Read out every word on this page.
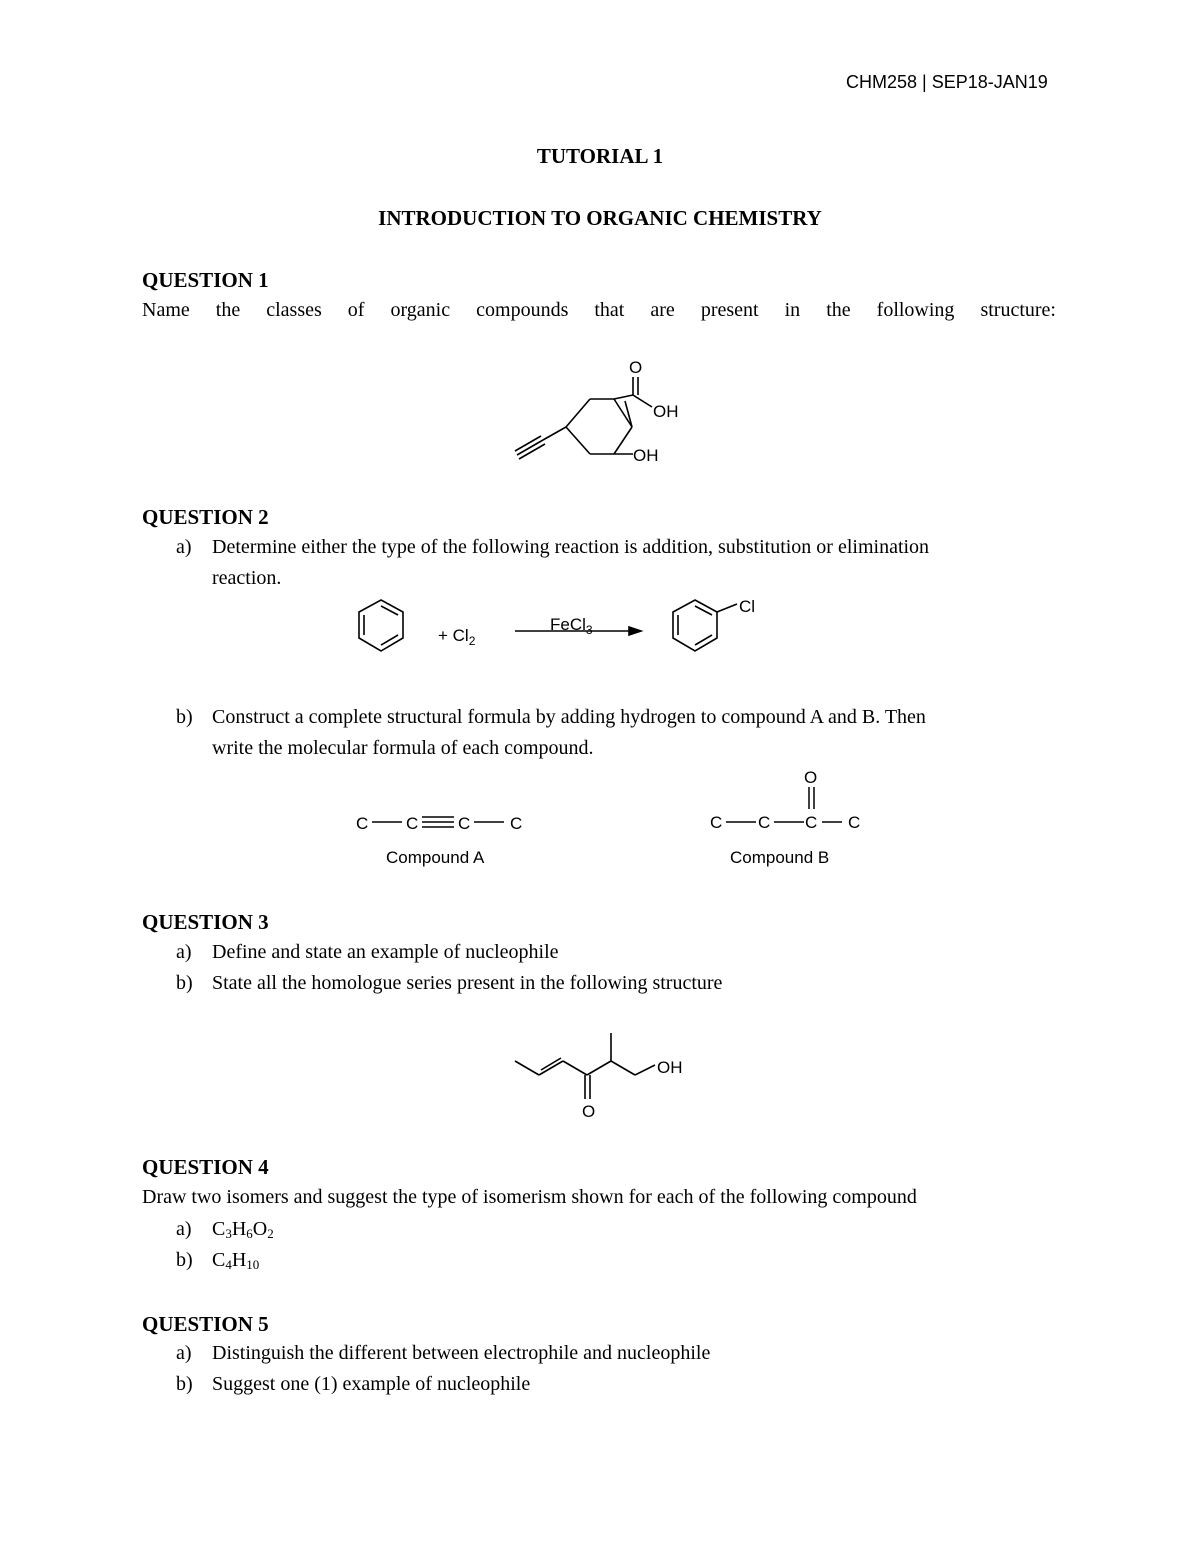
CHM258 | SEP18-JAN19
TUTORIAL 1
INTRODUCTION TO ORGANIC CHEMISTRY
QUESTION 1
Name the classes of organic compounds that are present in the following structure:
O
OH
OH
QUESTION 2
a) Determine either the type of the following reaction is addition, substitution or elimination
reaction.
+ $Cl_2$
FeCl$_3$
Cl
b) Construct a complete structural formula by adding hydrogen to compound A and B. Then
write the molecular formula of each compound.
C C C C
Compound A
O
C C C C
Compound B
QUESTION 3
a) Define and state an example of nucleophile
b) State all the homologue series present in the following structure
OH
O
QUESTION 4
Draw two isomers and suggest the type of isomerism shown for each of the following compound
a) $C_3H_6O_2$
b) $C_4H_{10}$
QUESTION 5
a) Distinguish the different between electrophile and nucleophile
b) Suggest one (1) example of nucleophile
